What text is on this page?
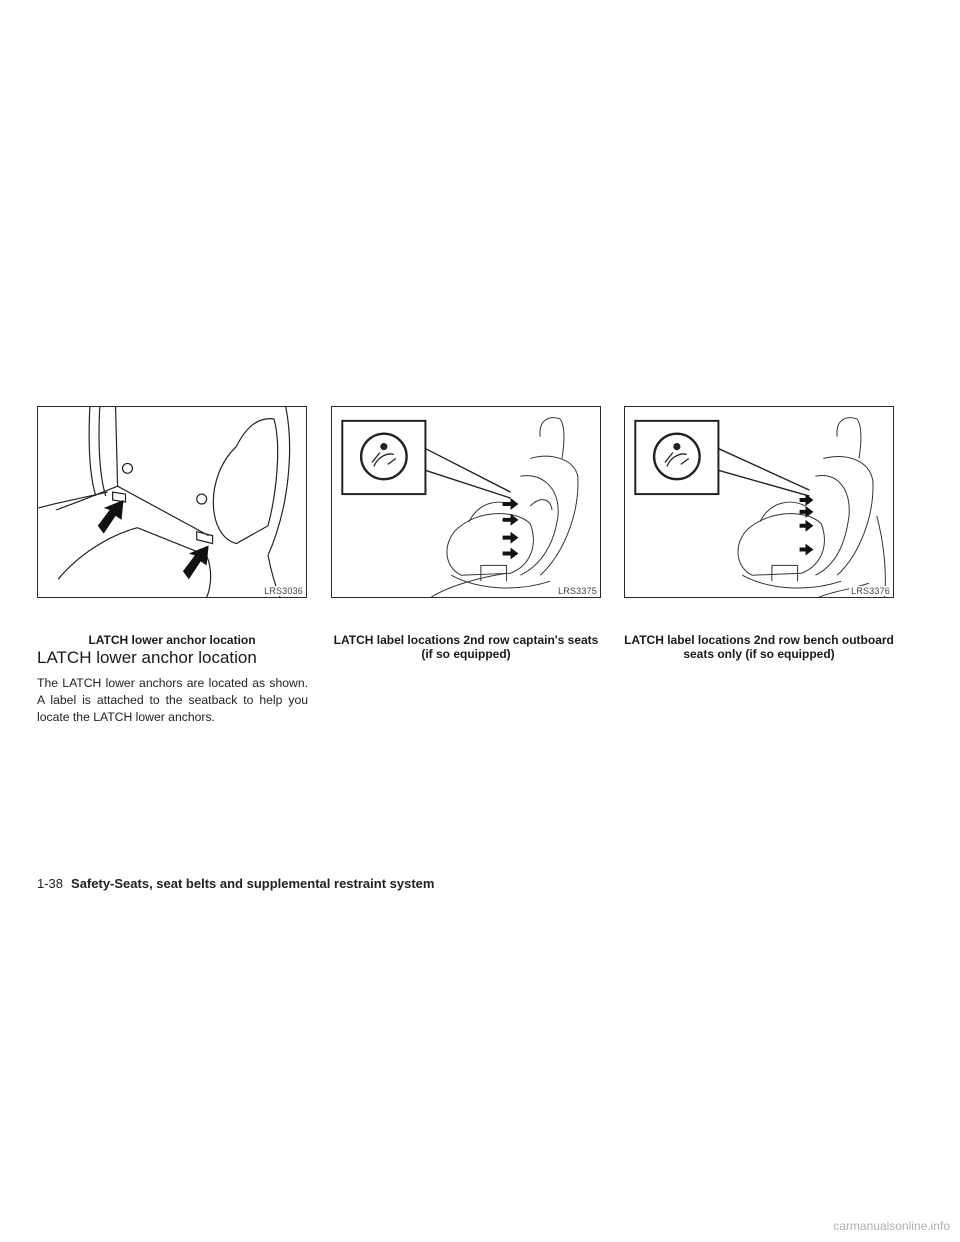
LRS3036	LRS3375	LRS3376
LATCH lower anchor location	LATCH label locations 2nd row captain's seats (if so equipped)
LATCH label locations 2nd row bench outboard seats only (if so equipped)
LATCH lower anchor location

The LATCH lower anchors are located as shown. A label is attached to the seatback to help you locate the LATCH lower anchors.

1-38 Safety-Seats, seat belts and supplemental restraint system
carmanualsonline.info
